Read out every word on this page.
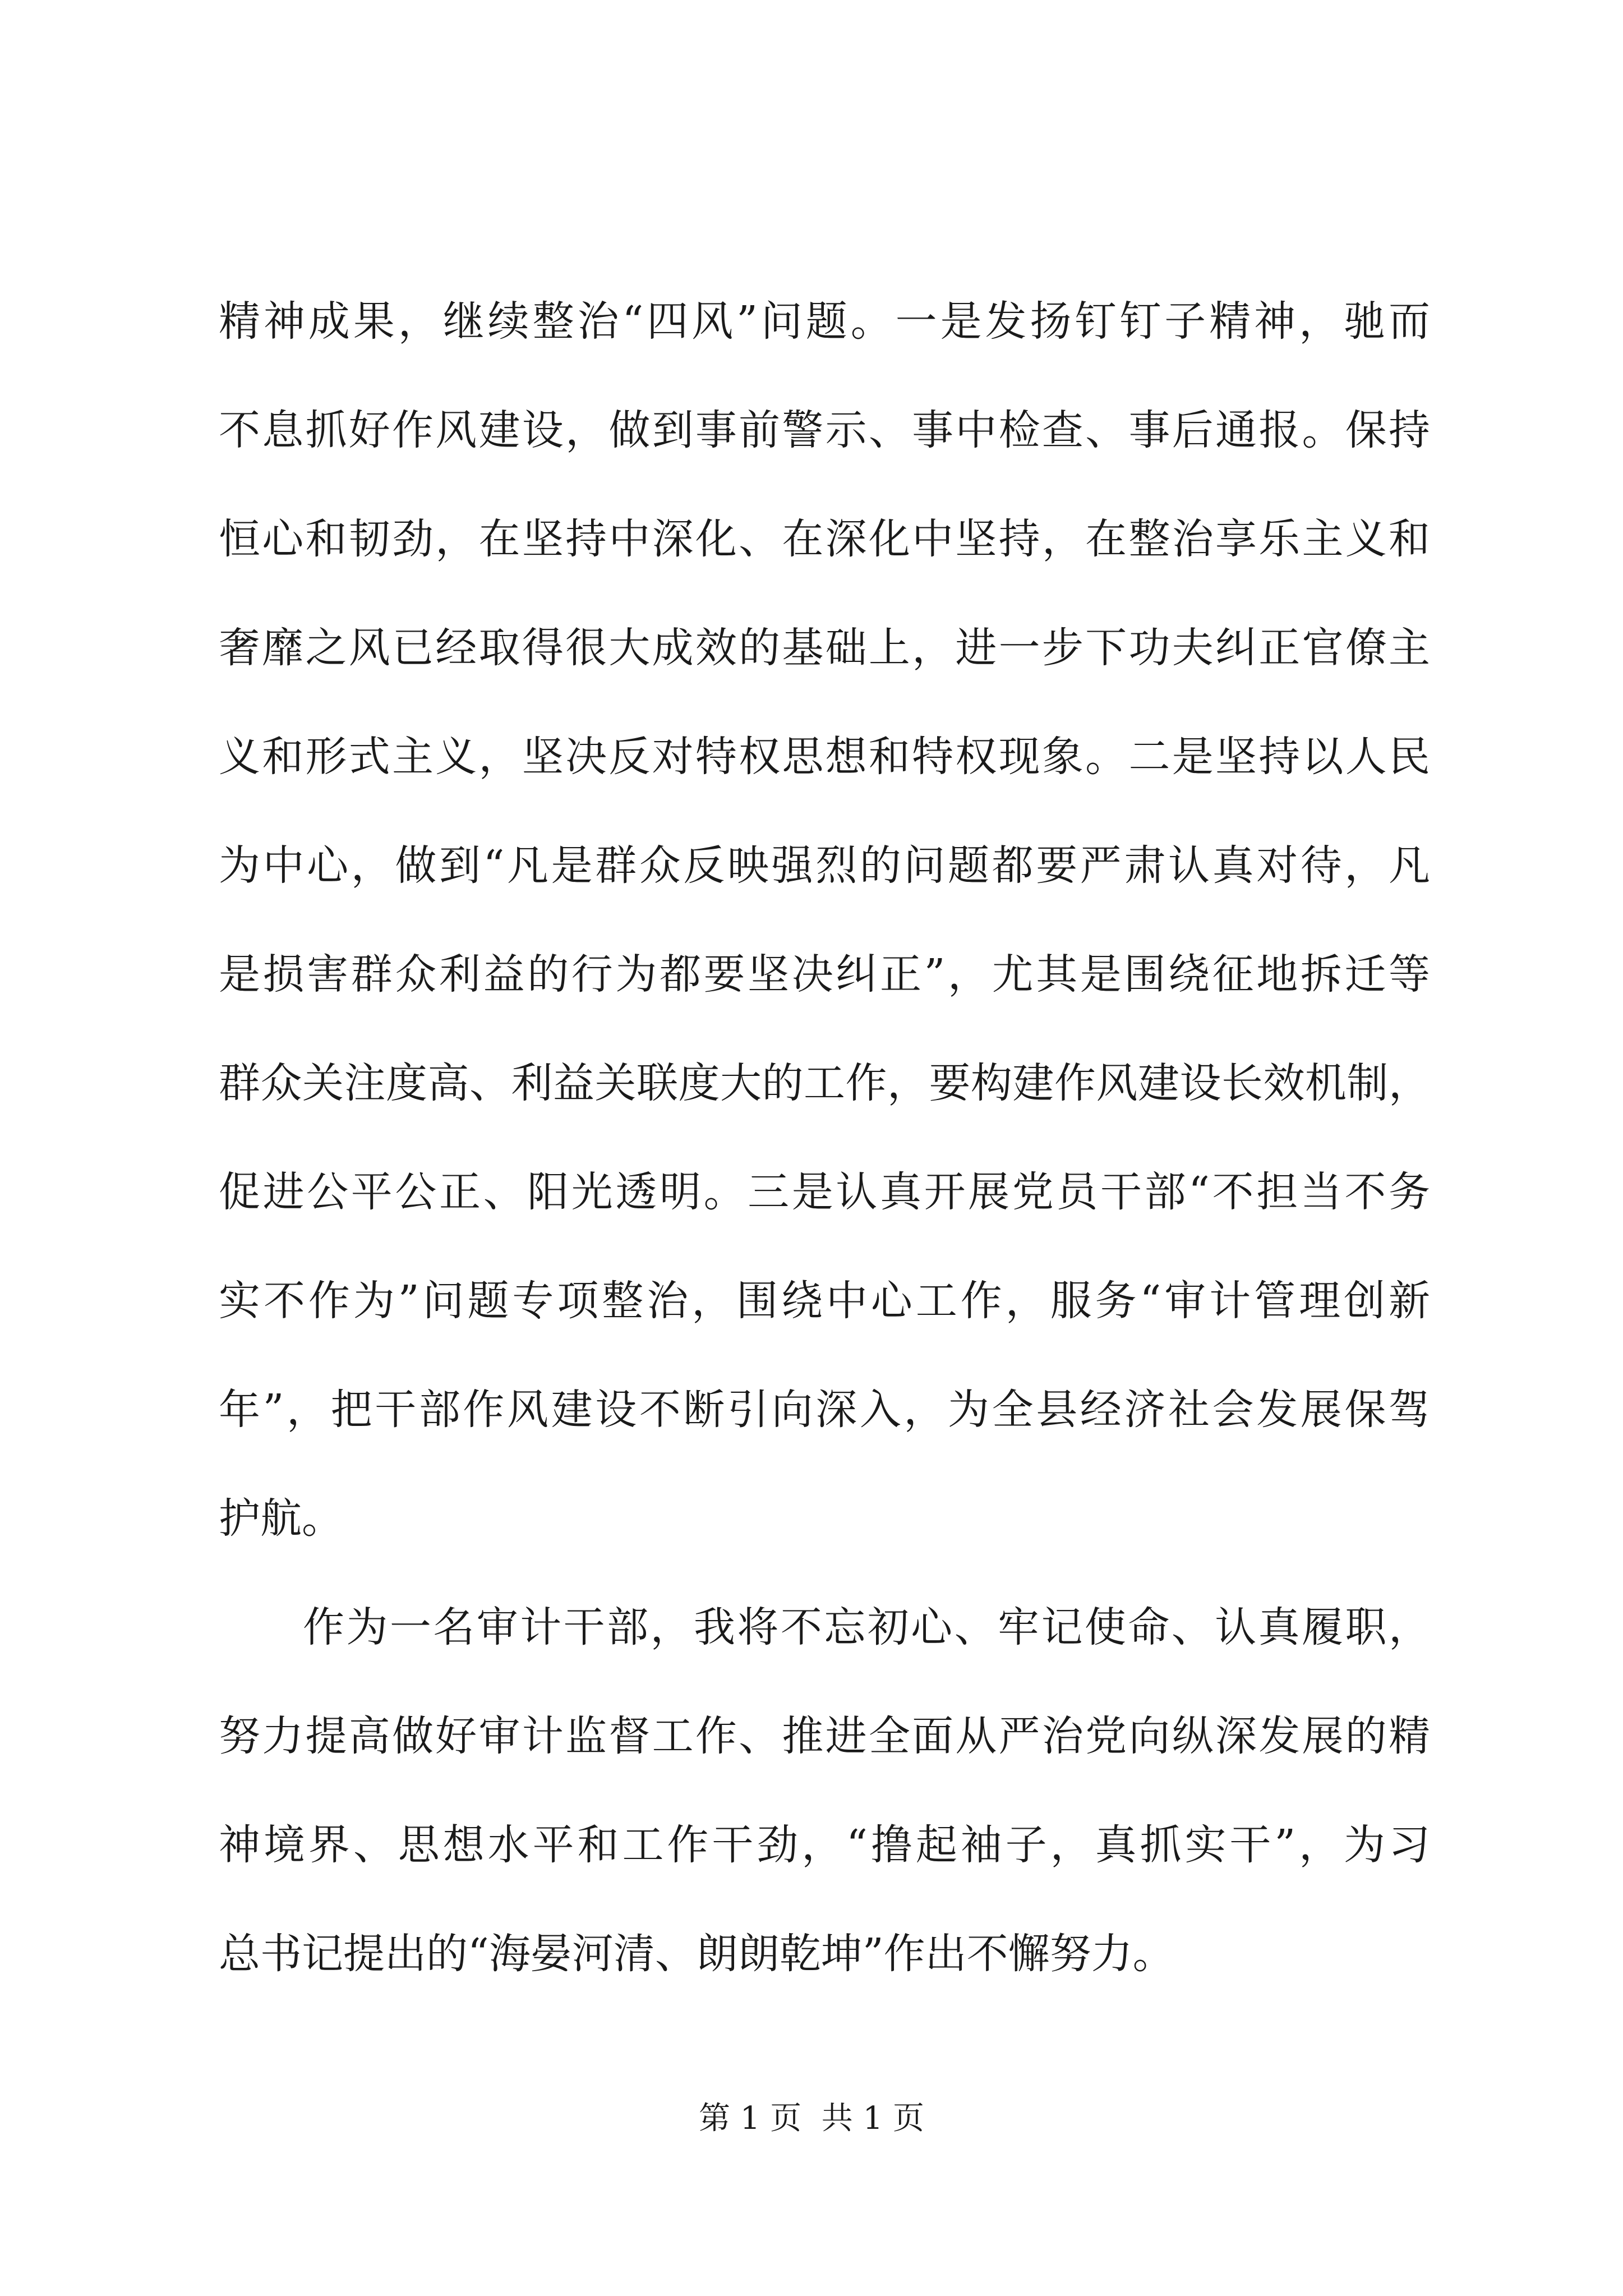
精神成果，继续整治“四风”问题。一是发扬钉钉子精神，驰而
不息抓好作风建设，做到事前警示、事中检查、事后通报。保持
恒心和韧劲，在坚持中深化、在深化中坚持，在整治享乐主义和
奢靡之风已经取得很大成效的基础上，进一步下功夫纠正官僚主
义和形式主义，坚决反对特权思想和特权现象。二是坚持以人民
为中心，做到“凡是群众反映强烈的问题都要严肃认真对待，凡
是损害群众利益的行为都要坚决纠正”，尤其是围绕征地拆迁等
群众关注度高、利益关联度大的工作，要构建作风建设长效机制，
促进公平公正、阳光透明。三是认真开展党员干部“不担当不务
实不作为”问题专项整治，围绕中心工作，服务“审计管理创新
年”，把干部作风建设不断引向深入，为全县经济社会发展保驾
护航。
作为一名审计干部，我将不忘初心、牢记使命、认真履职，
努力提高做好审计监督工作、推进全面从严治党向纵深发展的精
神境界、思想水平和工作干劲，“撸起袖子，真抓实干”，为习
总书记提出的“海晏河清、朗朗乾坤”作出不懈努力。
第 1 页  共 1 页
